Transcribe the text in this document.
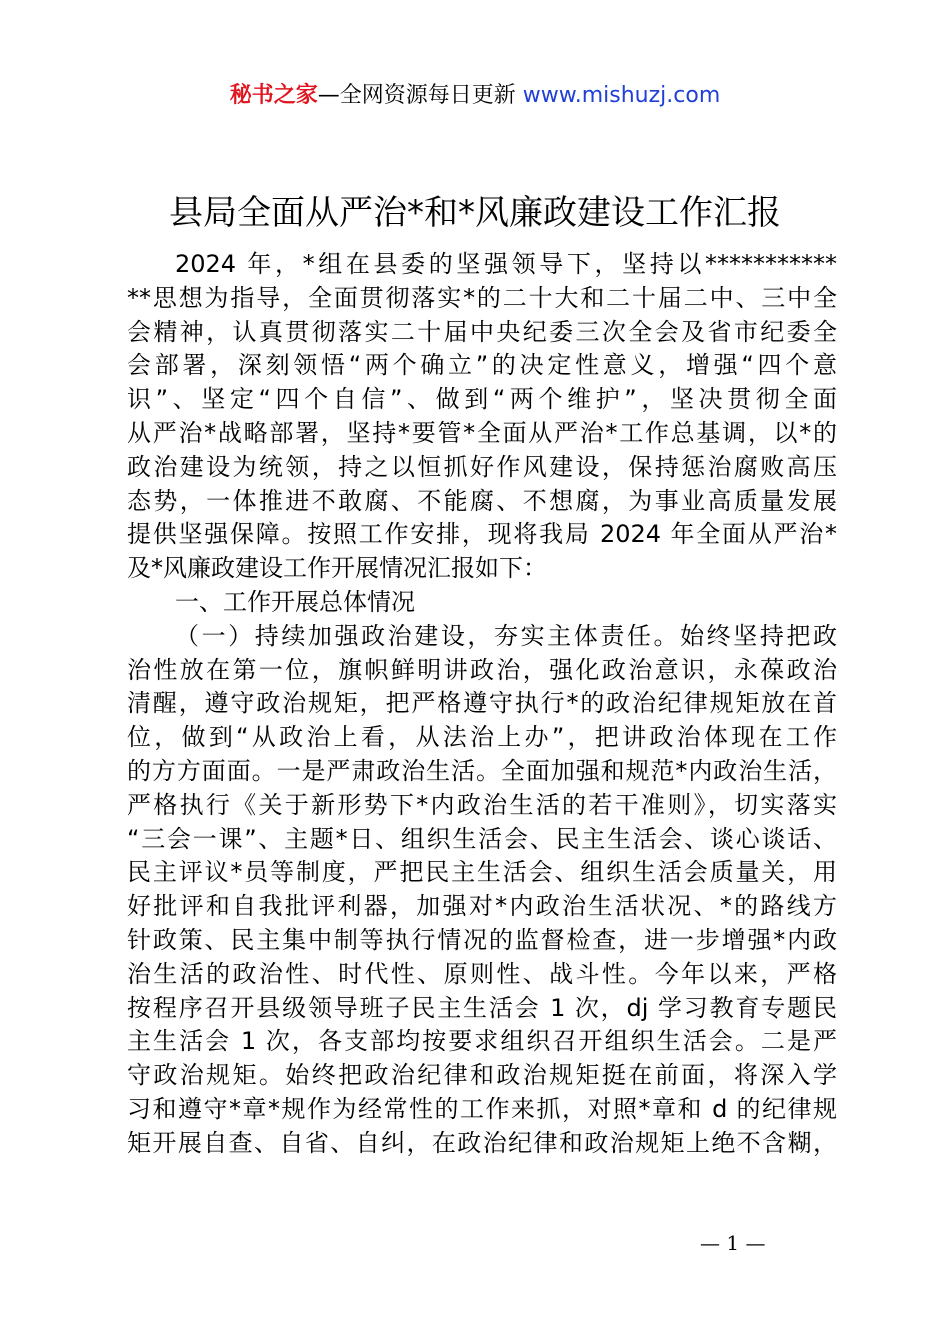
秘书之家—全网资源每日更新 www.mishuzj.com
县局全面从严治*和*风廉政建设工作汇报
2024 年，*组在县委的坚强领导下，坚持以***********
**思想为指导，全面贯彻落实*的二十大和二十届二中、三中全
会精神，认真贯彻落实二十届中央纪委三次全会及省市纪委全
会部署，深刻领悟“两个确立”的决定性意义，增强“四个意
识”、坚定“四个自信”、做到“两个维护”，坚决贯彻全面
从严治*战略部署，坚持*要管*全面从严治*工作总基调，以*的
政治建设为统领，持之以恒抓好作风建设，保持惩治腐败高压
态势，一体推进不敢腐、不能腐、不想腐，为事业高质量发展
提供坚强保障。按照工作安排，现将我局 2024 年全面从严治*
及*风廉政建设工作开展情况汇报如下：
一、工作开展总体情况
（一）持续加强政治建设，夯实主体责任。始终坚持把政
治性放在第一位，旗帜鲜明讲政治，强化政治意识，永葆政治
清醒，遵守政治规矩，把严格遵守执行*的政治纪律规矩放在首
位，做到“从政治上看，从法治上办”，把讲政治体现在工作
的方方面面。一是严肃政治生活。全面加强和规范*内政治生活，
严格执行《关于新形势下*内政治生活的若干准则》，切实落实
“三会一课”、主题*日、组织生活会、民主生活会、谈心谈话、
民主评议*员等制度，严把民主生活会、组织生活会质量关，用
好批评和自我批评利器，加强对*内政治生活状况、*的路线方
针政策、民主集中制等执行情况的监督检查，进一步增强*内政
治生活的政治性、时代性、原则性、战斗性。今年以来，严格
按程序召开县级领导班子民主生活会 1 次，dj 学习教育专题民
主生活会 1 次，各支部均按要求组织召开组织生活会。二是严
守政治规矩。始终把政治纪律和政治规矩挺在前面，将深入学
习和遵守*章*规作为经常性的工作来抓，对照*章和 d 的纪律规
矩开展自查、自省、自纠，在政治纪律和政治规矩上绝不含糊，
— 1 —
